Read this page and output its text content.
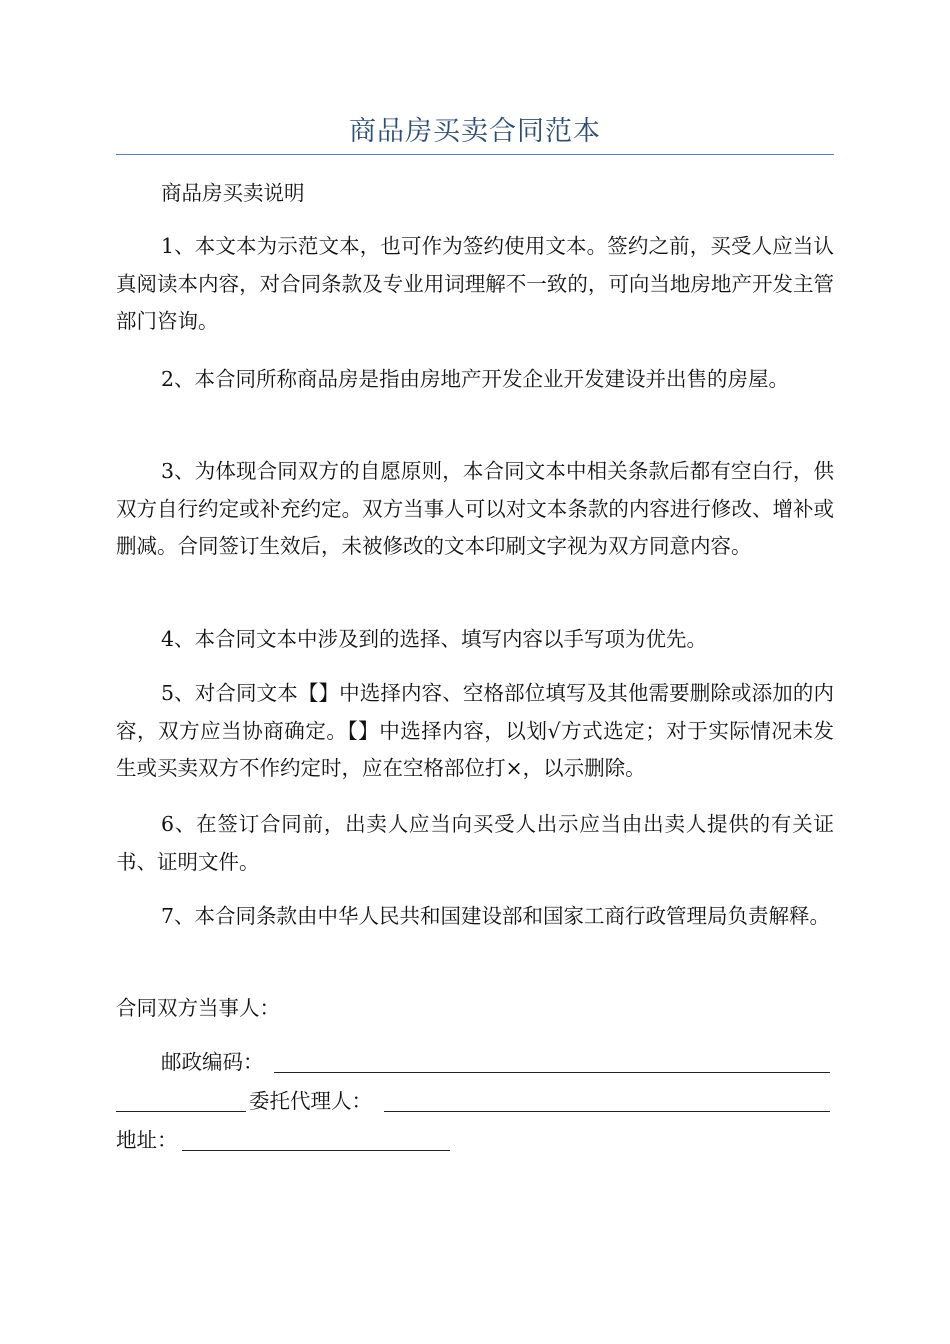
商品房买卖合同范本

商品房买卖说明

1、本文本为示范文本，也可作为签约使用文本。签约之前，买受人应当认真阅读本内容，对合同条款及专业用词理解不一致的，可向当地房地产开发主管部门咨询。

2、本合同所称商品房是指由房地产开发企业开发建设并出售的房屋。

3、为体现合同双方的自愿原则，本合同文本中相关条款后都有空白行，供双方自行约定或补充约定。双方当事人可以对文本条款的内容进行修改、增补或删减。合同签订生效后，未被修改的文本印刷文字视为双方同意内容。

4、本合同文本中涉及到的选择、填写内容以手写项为优先。

5、对合同文本【】中选择内容、空格部位填写及其他需要删除或添加的内容，双方应当协商确定。【】中选择内容，以划√方式选定；对于实际情况未发生或买卖双方不作约定时，应在空格部位打×，以示删除。

6、在签订合同前，出卖人应当向买受人出示应当由出卖人提供的有关证书、证明文件。

7、本合同条款由中华人民共和国建设部和国家工商行政管理局负责解释。

合同双方当事人：

邮政编码：
委托代理人：
地址：
